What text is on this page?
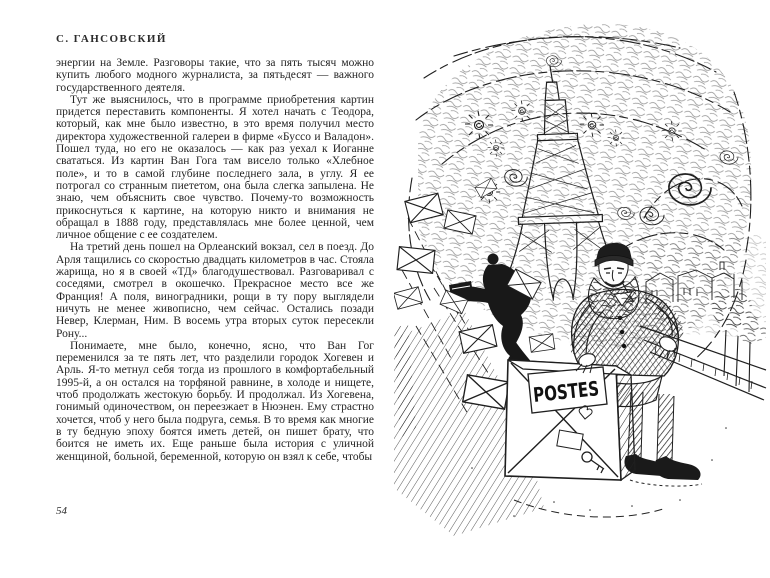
С. ГАНСОВСКИЙ

энергии на Земле. Разговоры такие, что за пять тысяч можно купить любого модного журналиста, за пятьдесят — важного государственного деятеля.

Тут же выяснилось, что в программе приобретения картин придется переставить компоненты. Я хотел начать с Теодора, который, как мне было известно, в это время получил место директора художественной галереи в фирме «Буссо и Валадон». Пошел туда, но его не оказалось — как раз уехал к Иоганне свататься. Из картин Ван Гога там висело только «Хлебное поле», и то в самой глубине последнего зала, в углу. Я ее потрогал со странным пиететом, она была слегка запылена. Не знаю, чем объяснить свое чувство. Почему-то возможность прикоснуться к картине, на которую никто и внимания не обращал в 1888 году, представлялась мне более ценной, чем личное общение с ее создателем.

На третий день пошел на Орлеанский вокзал, сел в поезд. До Арля тащились со скоростью двадцать километров в час. Стояла жарища, но я в своей «ТД» благодушествовал. Разговаривал с соседями, смотрел в окошечко. Прекрасное место все же Франция! А поля, виноградники, рощи в ту пору выглядели ничуть не менее живописно, чем сейчас. Остались позади Невер, Клерман, Ним. В восемь утра вторых суток пересекли Рону...

Понимаете, мне было, конечно, ясно, что Ван Гог переменился за те пять лет, что разделили городок Хогевен и Арль. Я-то метнул себя тогда из прошлого в комфортабельный 1995-й, а он остался на торфяной равнине, в холоде и нищете, чтоб продолжать жестокую борьбу. И продолжал. Из Хогевена, гонимый одиночеством, он переезжает в Нюэнен. Ему страстно хочется, чтоб у него была подруга, семья. В то время как многие в ту бедную эпоху боятся иметь детей, он пишет брату, что боится не иметь их. Еще раньше была история с уличной женщиной, больной, беременной, которую он взял к себе, чтобы

54
POSTES
